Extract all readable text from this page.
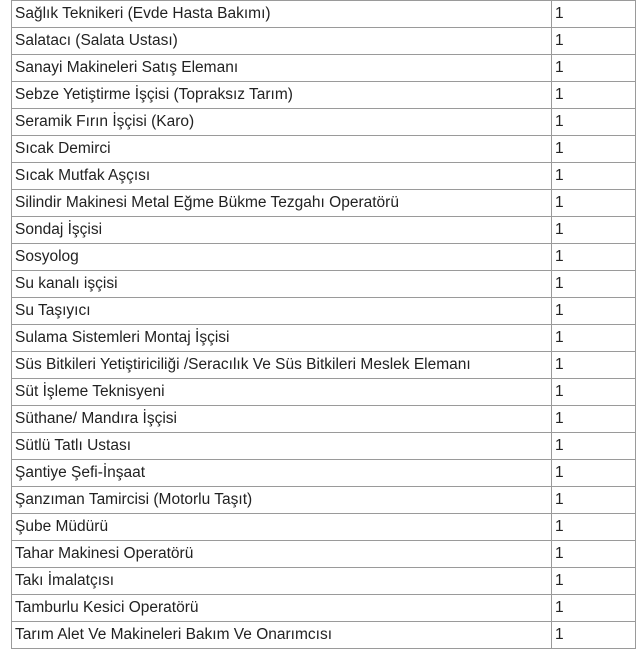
Sağlık Teknikeri (Evde Hasta Bakımı)	1
Salatacı (Salata Ustası)	1
Sanayi Makineleri Satış Elemanı	1
Sebze Yetiştirme İşçisi (Topraksız Tarım)	1
Seramik Fırın İşçisi (Karo)	1
Sıcak Demirci	1
Sıcak Mutfak Aşçısı	1
Silindir Makinesi Metal Eğme Bükme Tezgahı Operatörü	1
Sondaj İşçisi	1
Sosyolog	1
Su kanalı işçisi	1
Su Taşıyıcı	1
Sulama Sistemleri Montaj İşçisi	1
Süs Bitkileri Yetiştiriciliği /Seracılık Ve Süs Bitkileri Meslek Elemanı	1
Süt İşleme Teknisyeni	1
Süthane/ Mandıra İşçisi	1
Sütlü Tatlı Ustası	1
Şantiye Şefi-İnşaat	1
Şanzıman Tamircisi (Motorlu Taşıt)	1
Şube Müdürü	1
Tahar Makinesi Operatörü	1
Takı İmalatçısı	1
Tamburlu Kesici Operatörü	1
Tarım Alet Ve Makineleri Bakım Ve Onarımcısı	1
